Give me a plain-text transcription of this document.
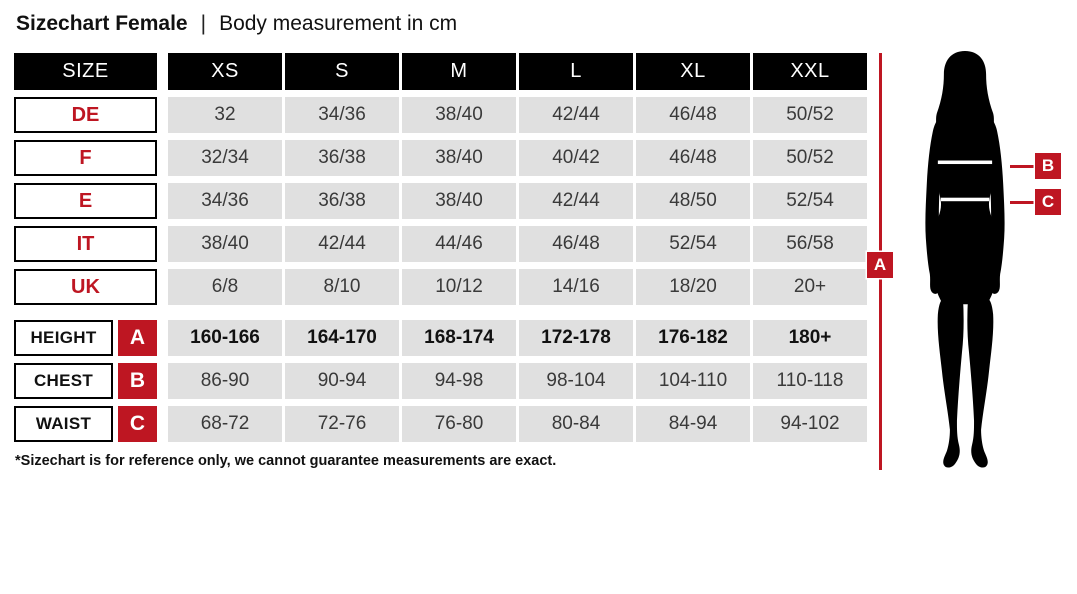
Sizechart Female | Body measurement in cm
SIZE	XS	S	M	L	XL	XXL
DE	32	34/36	38/40	42/44	46/48	50/52
F	32/34	36/38	38/40	40/42	46/48	50/52
E	34/36	36/38	38/40	42/44	48/50	52/54
IT	38/40	42/44	44/46	46/48	52/54	56/58
UK	6/8	8/10	10/12	14/16	18/20	20+
HEIGHT	A	160-166	164-170	168-174	172-178	176-182	180+
CHEST	B	86-90	90-94	94-98	98-104	104-110	110-118
WAIST	C	68-72	72-76	76-80	80-84	84-94	94-102
*Sizechart is for reference only, we cannot guarantee measurements are exact.
A
B
C
